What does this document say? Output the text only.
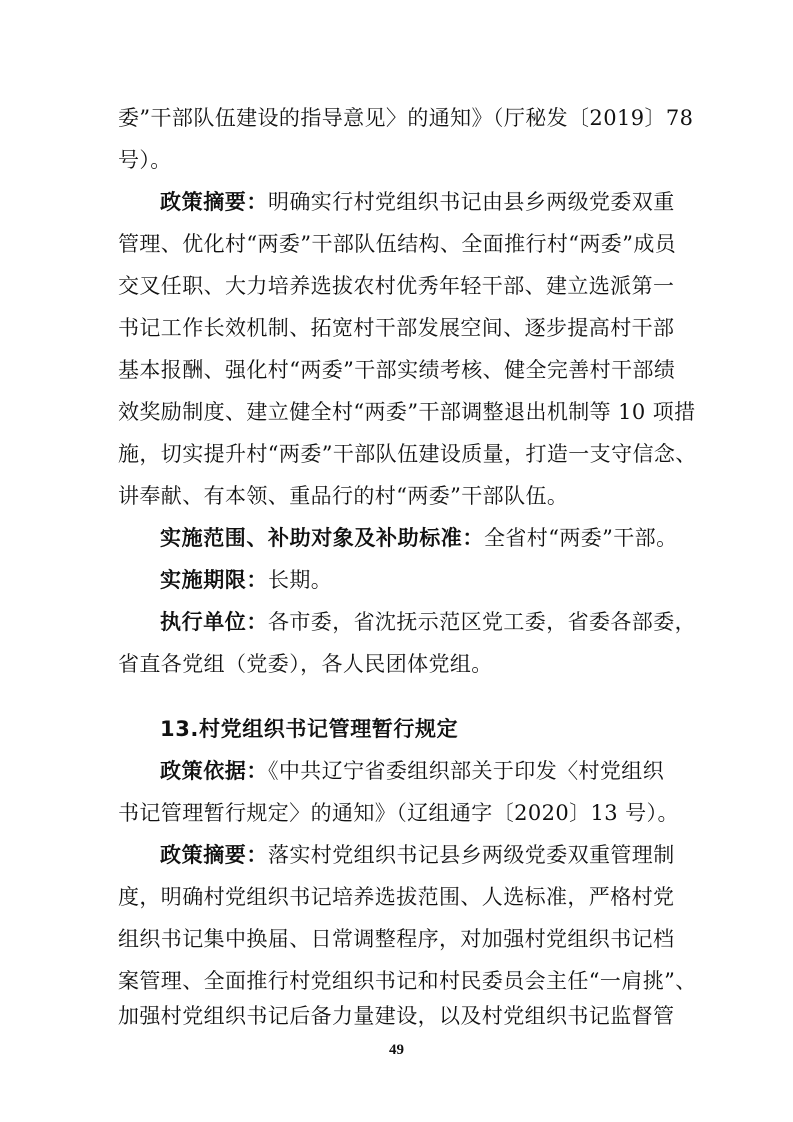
委”干部队伍建设的指导意见〉的通知》（厅秘发〔2019〕78
号）。
政策摘要：明确实行村党组织书记由县乡两级党委双重
管理、优化村“两委”干部队伍结构、全面推行村“两委”成员
交叉任职、大力培养选拔农村优秀年轻干部、建立选派第一
书记工作长效机制、拓宽村干部发展空间、逐步提高村干部
基本报酬、强化村“两委”干部实绩考核、健全完善村干部绩
效奖励制度、建立健全村“两委”干部调整退出机制等 10 项措
施，切实提升村“两委”干部队伍建设质量，打造一支守信念、
讲奉献、有本领、重品行的村“两委”干部队伍。
实施范围、补助对象及补助标准：全省村“两委”干部。
实施期限：长期。
执行单位：各市委，省沈抚示范区党工委，省委各部委，
省直各党组（党委），各人民团体党组。
13.村党组织书记管理暂行规定
政策依据：《中共辽宁省委组织部关于印发〈村党组织
书记管理暂行规定〉的通知》（辽组通字〔2020〕13 号）。
政策摘要：落实村党组织书记县乡两级党委双重管理制
度，明确村党组织书记培养选拔范围、人选标准，严格村党
组织书记集中换届、日常调整程序，对加强村党组织书记档
案管理、全面推行村党组织书记和村民委员会主任“一肩挑”、
加强村党组织书记后备力量建设，以及村党组织书记监督管
49
